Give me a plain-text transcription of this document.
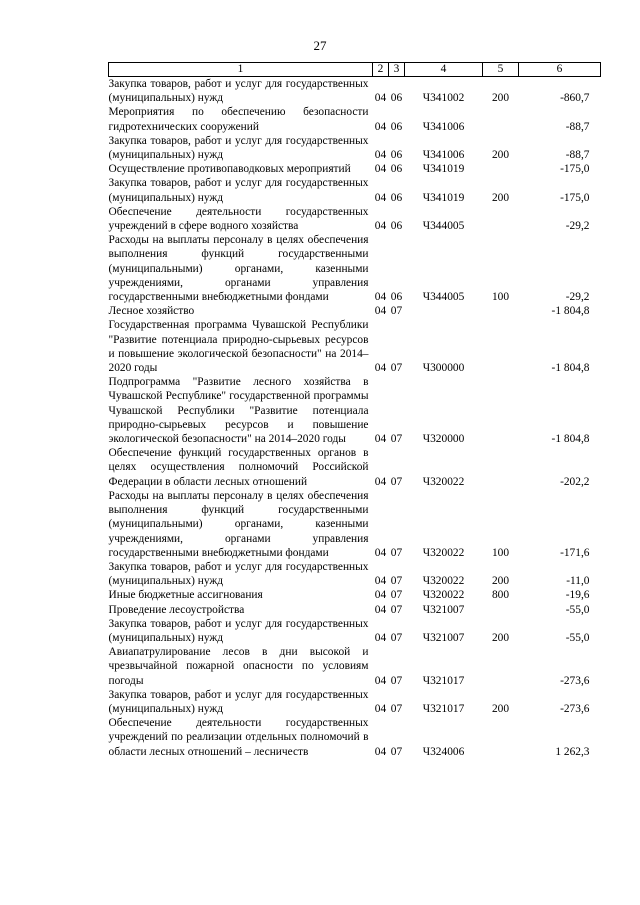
27
1	2	3	4	5	6
Закупка товаров, работ и услуг для государственных (муниципальных) нужд	04	06	Ч341002	200	-860,7
Мероприятия по обеспечению безопасности гидротехнических сооружений	04	06	Ч341006		-88,7
Закупка товаров, работ и услуг для государственных (муниципальных) нужд	04	06	Ч341006	200	-88,7
Осуществление противопаводковых мероприятий	04	06	Ч341019		-175,0
Закупка товаров, работ и услуг для государственных (муниципальных) нужд	04	06	Ч341019	200	-175,0
Обеспечение деятельности государственных учреждений в сфере водного хозяйства	04	06	Ч344005		-29,2
Расходы на выплаты персоналу в целях обеспечения выполнения функций государственными (муниципальными) органами, казенными учреждениями, органами управления государственными внебюджетными фондами	04	06	Ч344005	100	-29,2
Лесное хозяйство	04	07			-1 804,8
Государственная программа Чувашской Республики "Развитие потенциала природно-сырьевых ресурсов и повышение экологической безопасности" на 2014–2020 годы	04	07	Ч300000		-1 804,8
Подпрограмма "Развитие лесного хозяйства в Чувашской Республике" государственной программы Чувашской Республики "Развитие потенциала природно-сырьевых ресурсов и повышение экологической безопасности" на 2014–2020 годы	04	07	Ч320000		-1 804,8
Обеспечение функций государственных органов в целях осуществления полномочий Российской Федерации в области лесных отношений	04	07	Ч320022		-202,2
Расходы на выплаты персоналу в целях обеспечения выполнения функций государственными (муниципальными) органами, казенными учреждениями, органами управления государственными внебюджетными фондами	04	07	Ч320022	100	-171,6
Закупка товаров, работ и услуг для государственных (муниципальных) нужд	04	07	Ч320022	200	-11,0
Иные бюджетные ассигнования	04	07	Ч320022	800	-19,6
Проведение лесоустройства	04	07	Ч321007		-55,0
Закупка товаров, работ и услуг для государственных (муниципальных) нужд	04	07	Ч321007	200	-55,0
Авиапатрулирование лесов в дни высокой и чрезвычайной пожарной опасности по условиям погоды	04	07	Ч321017		-273,6
Закупка товаров, работ и услуг для государственных (муниципальных) нужд	04	07	Ч321017	200	-273,6
Обеспечение деятельности государственных учреждений по реализации отдельных полномочий в области лесных отношений – лесничеств	04	07	Ч324006		1 262,3
